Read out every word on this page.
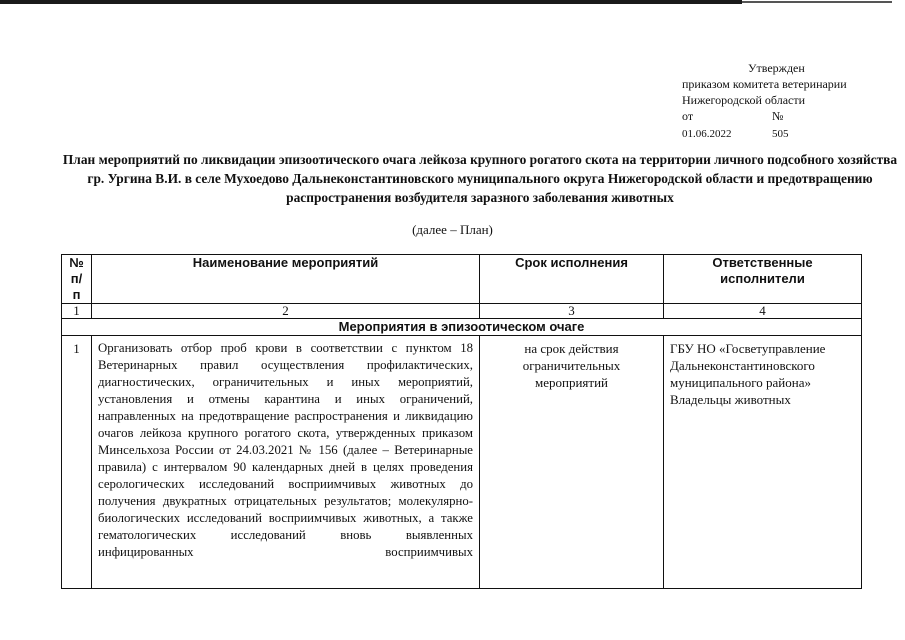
Утвержден
приказом комитета ветеринарии
Нижегородской области
от	№
01.06.2022	505
План мероприятий по ликвидации эпизоотического очага лейкоза крупного рогатого скота на территории личного подсобного хозяйства гр. Ургина В.И. в селе Мухоедово Дальнеконстантиновского муниципального округа Нижегородской области и предотвращению распространения возбудителя заразного заболевания животных
(далее – План)
№ п/п	Наименование мероприятий	Срок исполнения	Ответственные исполнители
1	2	3	4
Мероприятия в эпизоотическом очаге			

1	Организовать отбор проб крови в соответствии с пунктом 18 Ветеринарных правил осуществления профилактических, диагностических, ограничительных и иных мероприятий, установления и отмены карантина и иных ограничений, направленных на предотвращение распространения и ликвидацию очагов лейкоза крупного рогатого скота, утвержденных приказом Минсельхоза России от 24.03.2021 № 156 (далее – Ветеринарные правила) с интервалом 90 календарных дней в целях проведения серологических исследований восприимчивых животных до получения двукратных отрицательных результатов; молекулярно-биологических исследований восприимчивых животных, а также гематологических исследований вновь выявленных инфицированных восприимчивых	на срок действия ограничительных мероприятий	ГБУ НО «Госветуправление Дальнеконстантиновского муниципального района»
Владельцы животных
